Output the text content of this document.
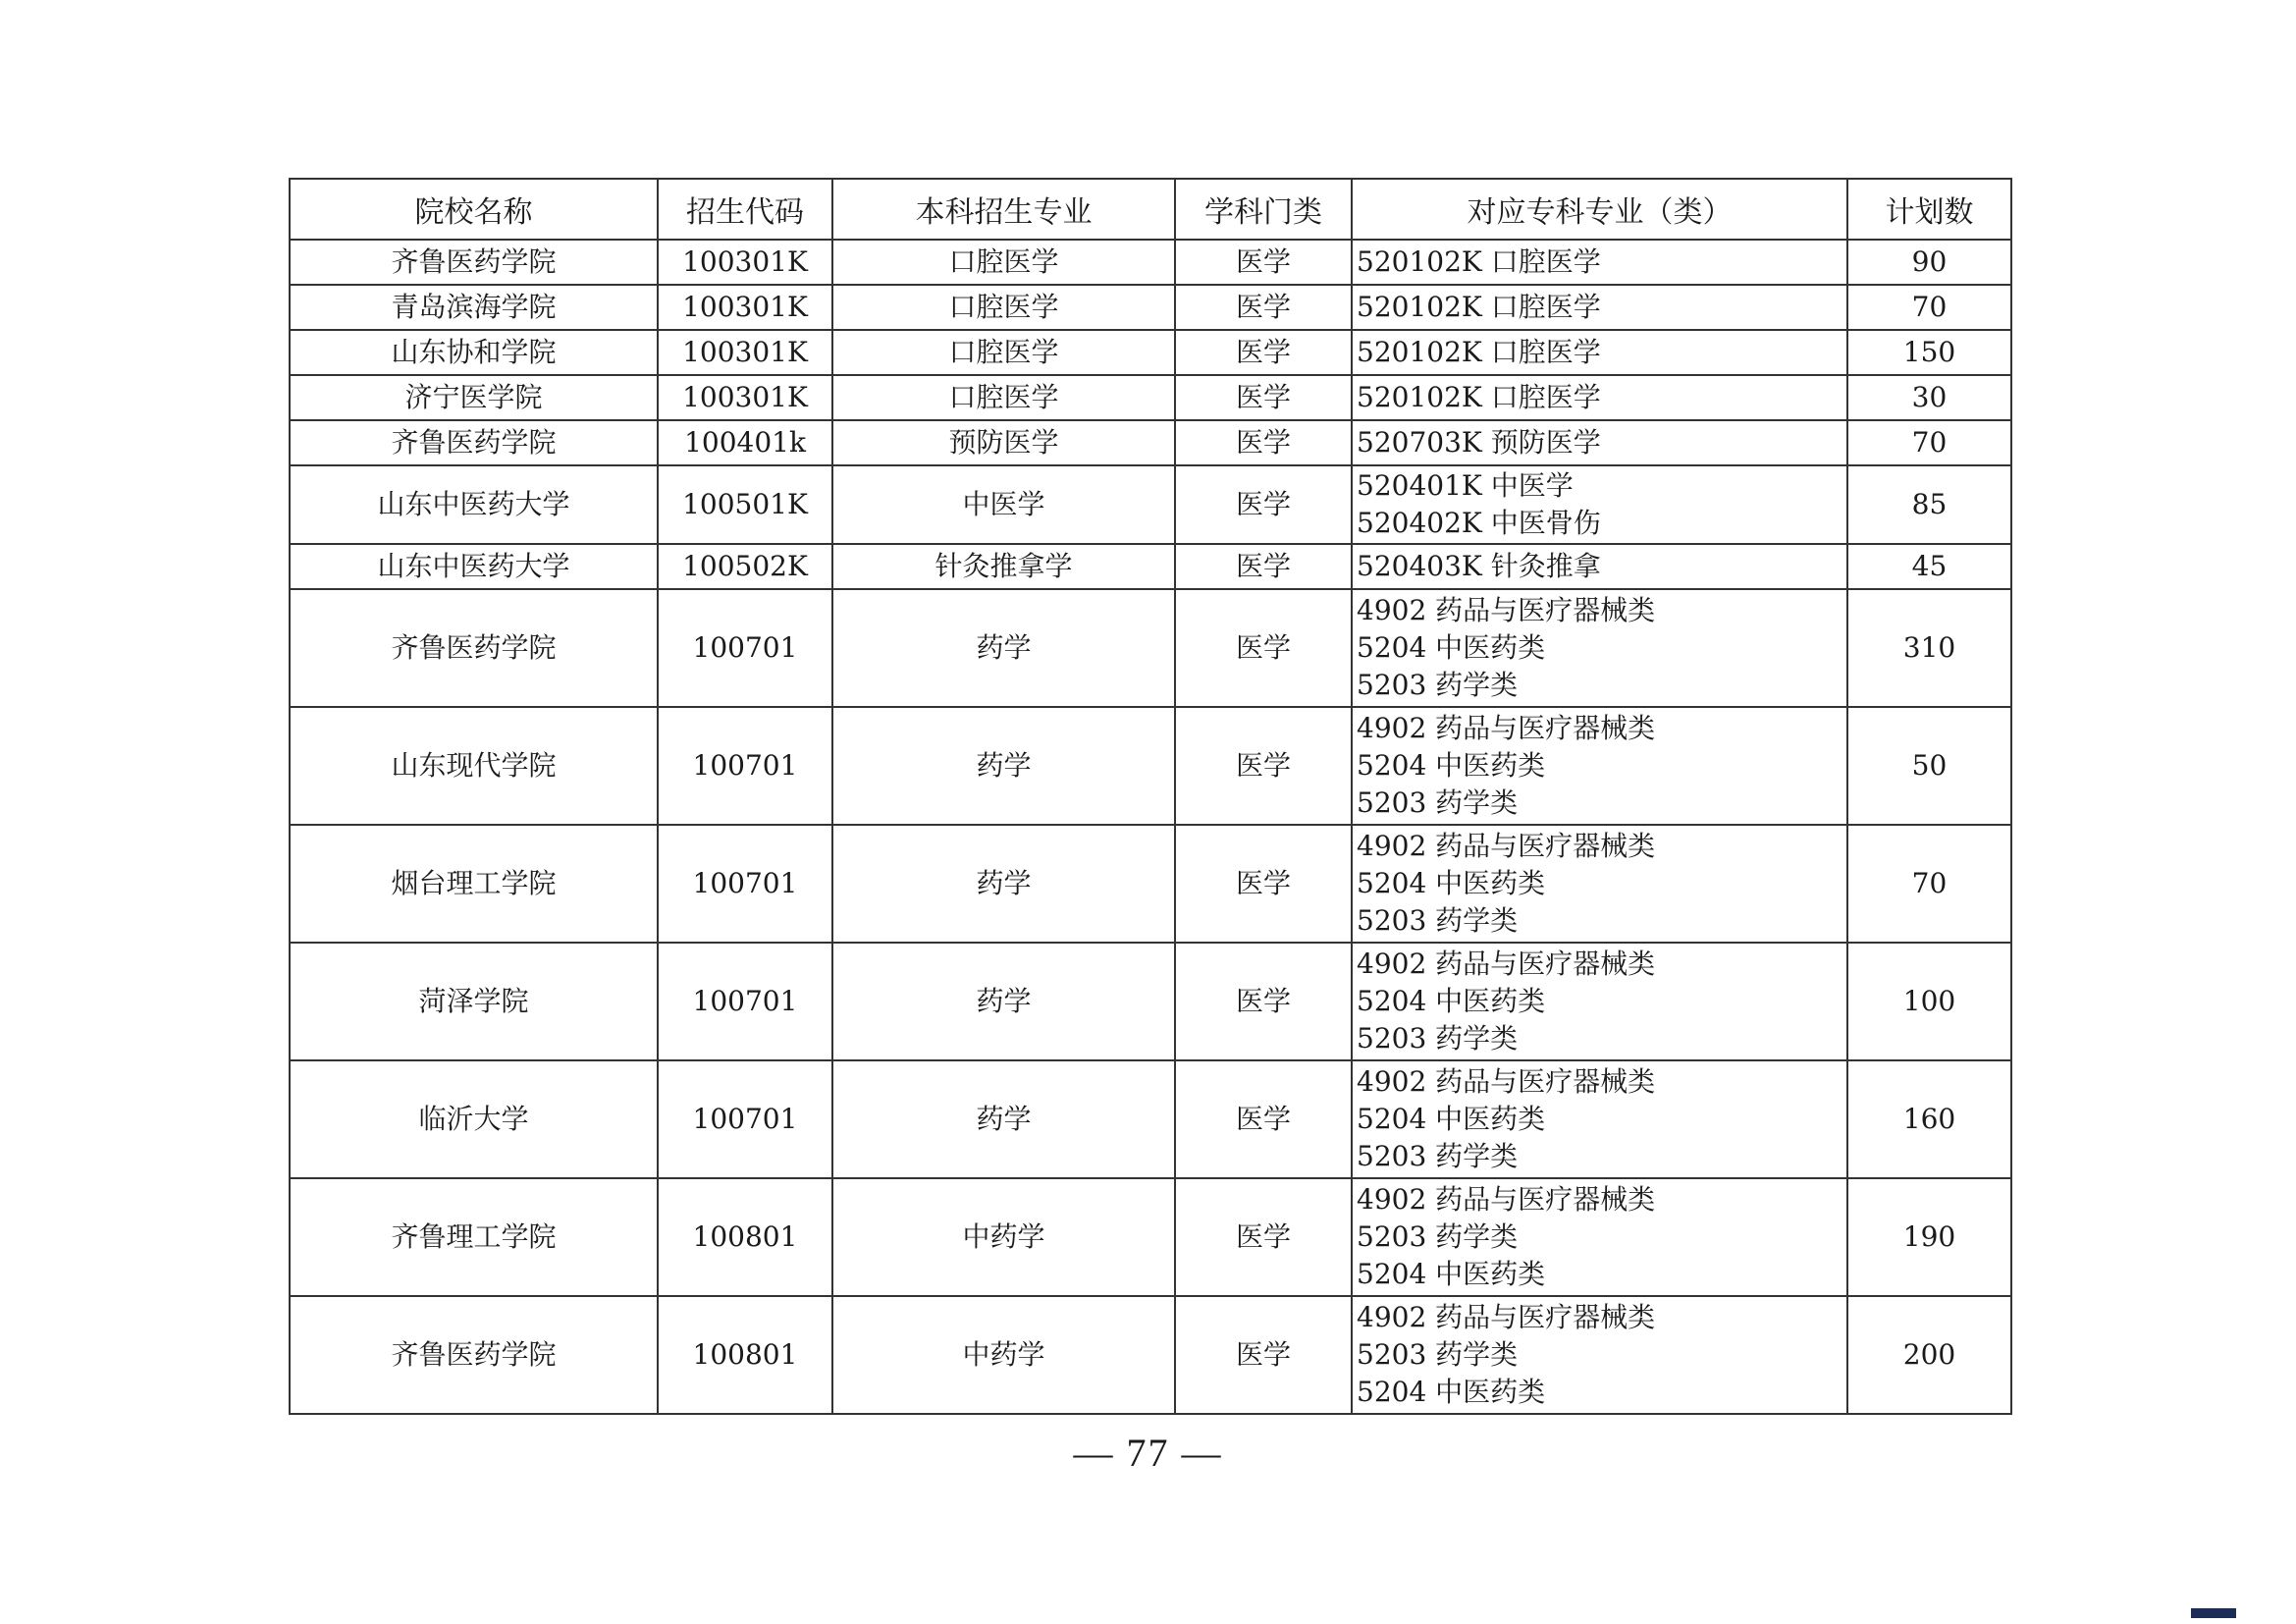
院校名称	招生代码	本科招生专业	学科门类	对应专科专业（类）	计划数
齐鲁医药学院	100301K	口腔医学	医学	520102K 口腔医学	90
青岛滨海学院	100301K	口腔医学	医学	520102K 口腔医学	70
山东协和学院	100301K	口腔医学	医学	520102K 口腔医学	150
济宁医学院	100301K	口腔医学	医学	520102K 口腔医学	30
齐鲁医药学院	100401k	预防医学	医学	520703K 预防医学	70
山东中医药大学	100501K	中医学	医学	520401K 中医学
520402K 中医骨伤	85
山东中医药大学	100502K	针灸推拿学	医学	520403K 针灸推拿	45
齐鲁医药学院	100701	药学	医学	4902 药品与医疗器械类
5204 中医药类
5203 药学类	310
山东现代学院	100701	药学	医学	4902 药品与医疗器械类
5204 中医药类
5203 药学类	50
烟台理工学院	100701	药学	医学	4902 药品与医疗器械类
5204 中医药类
5203 药学类	70
菏泽学院	100701	药学	医学	4902 药品与医疗器械类
5204 中医药类
5203 药学类	100
临沂大学	100701	药学	医学	4902 药品与医疗器械类
5204 中医药类
5203 药学类	160
齐鲁理工学院	100801	中药学	医学	4902 药品与医疗器械类
5203 药学类
5204 中医药类	190
齐鲁医药学院	100801	中药学	医学	4902 药品与医疗器械类
5203 药学类
5204 中医药类	200
— 77 —
